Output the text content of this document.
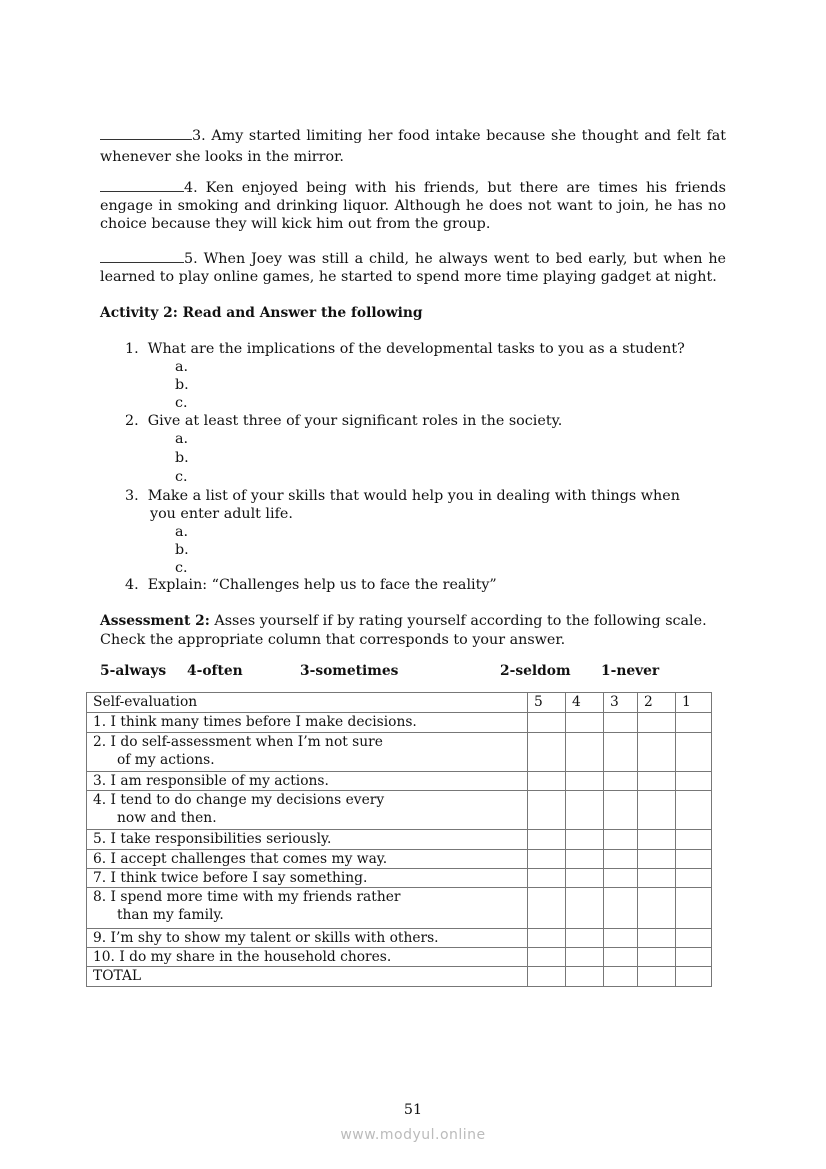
3. Amy started limiting her food intake because she thought and felt fat whenever she looks in the mirror.
4. Ken enjoyed being with his friends, but there are times his friends engage in smoking and drinking liquor. Although he does not want to join, he has no choice because they will kick him out from the group.
5. When Joey was still a child, he always went to bed early, but when he learned to play online games, he started to spend more time playing gadget at night.
Activity 2: Read and Answer the following
1. What are the implications of the developmental tasks to you as a student?
a.
b.
c.
2. Give at least three of your significant roles in the society.
a.
b.
c.
3. Make a list of your skills that would help you in dealing with things when
you enter adult life.
a.
b.
c.
4. Explain: “Challenges help us to face the reality”
Assessment 2: Asses yourself if by rating yourself according to the following scale.
Check the appropriate column that corresponds to your answer.
5-always 4-often	3-sometimes	2-seldom 1-never
Self-evaluation	5	4	3	2	1
1. I think many times before I make decisions.					
2. I do self-assessment when I’m not sure
of my actions.					

3. I am responsible of my actions.					
4. I tend to do change my decisions every
now and then.					

5. I take responsibilities seriously.					
6. I accept challenges that comes my way.					
7. I think twice before I say something.					
8. I spend more time with my friends rather
than my family.					

9. I’m shy to show my talent or skills with others.					
10. I do my share in the household chores.					
TOTAL					
51
www.modyul.online
